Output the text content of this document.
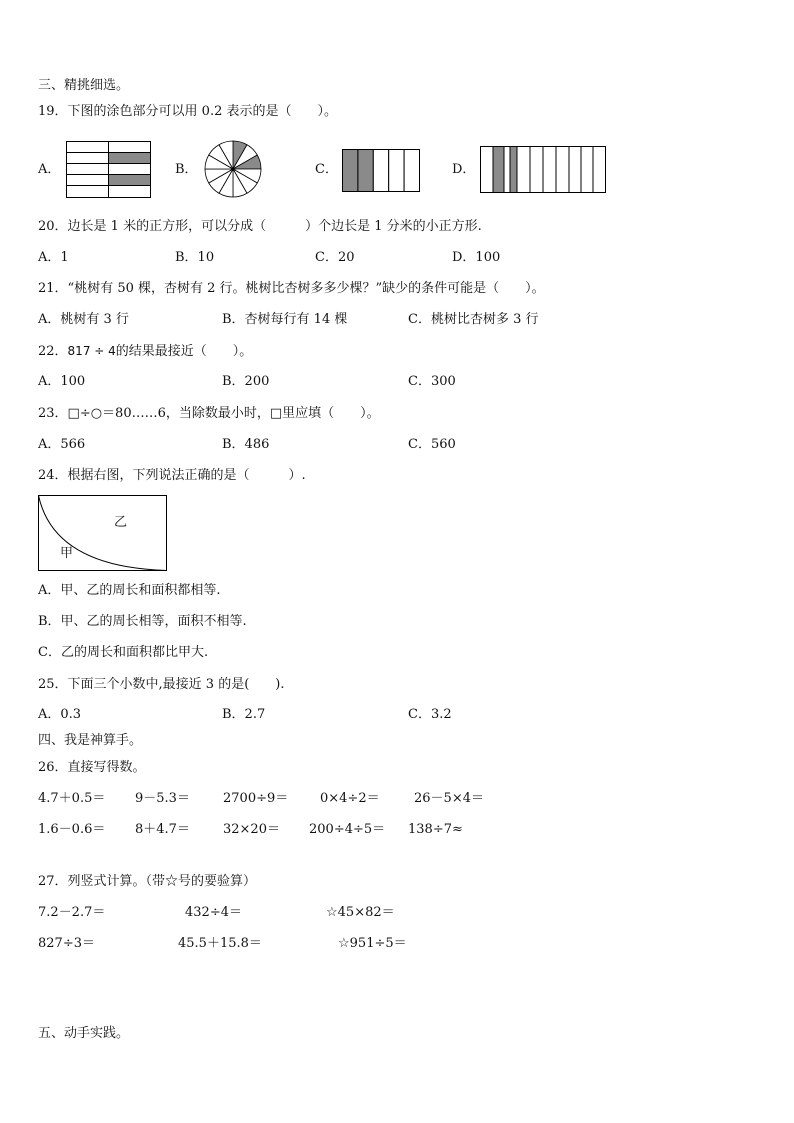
三、精挑细选。
19．下图的涂色部分可以用 0.2 表示的是（　　）。
A．	B．	C．	D．
20．边长是 1 米的正方形，可以分成（　　　）个边长是 1 分米的小正方形.
A．1	B．10	C．20	D．100
21．“桃树有 50 棵，杏树有 2 行。桃树比杏树多多少棵？”缺少的条件可能是（　　）。
A．桃树有 3 行	B．杏树每行有 14 棵	C．桃树比杏树多 3 行
22．817 ÷ 4的结果最接近（　　）。
A．100	B．200	C．300
23．□÷○＝80……6，当除数最小时，□里应填（　　）。
A．566	B．486	C．560
24．根据右图，下列说法正确的是（　　　）.
乙
甲
A．甲、乙的周长和面积都相等.
B．甲、乙的周长相等，面积不相等.
C．乙的周长和面积都比甲大.
25．下面三个小数中,最接近 3 的是(　　).
A．0.3	B．2.7	C．3.2
四、我是神算手。
26．直接写得数。
4.7＋0.5＝ 9－5.3＝	2700÷9＝ 0×4÷2＝	26－5×4＝
1.6－0.6＝ 8＋4.7＝	32×20＝ 200÷4÷5＝ 138÷7≈
27．列竖式计算。（带☆号的要验算）
7.2－2.7＝	432÷4＝	☆45×82＝
827÷3＝	45.5＋15.8＝	☆951÷5＝
五、动手实践。
